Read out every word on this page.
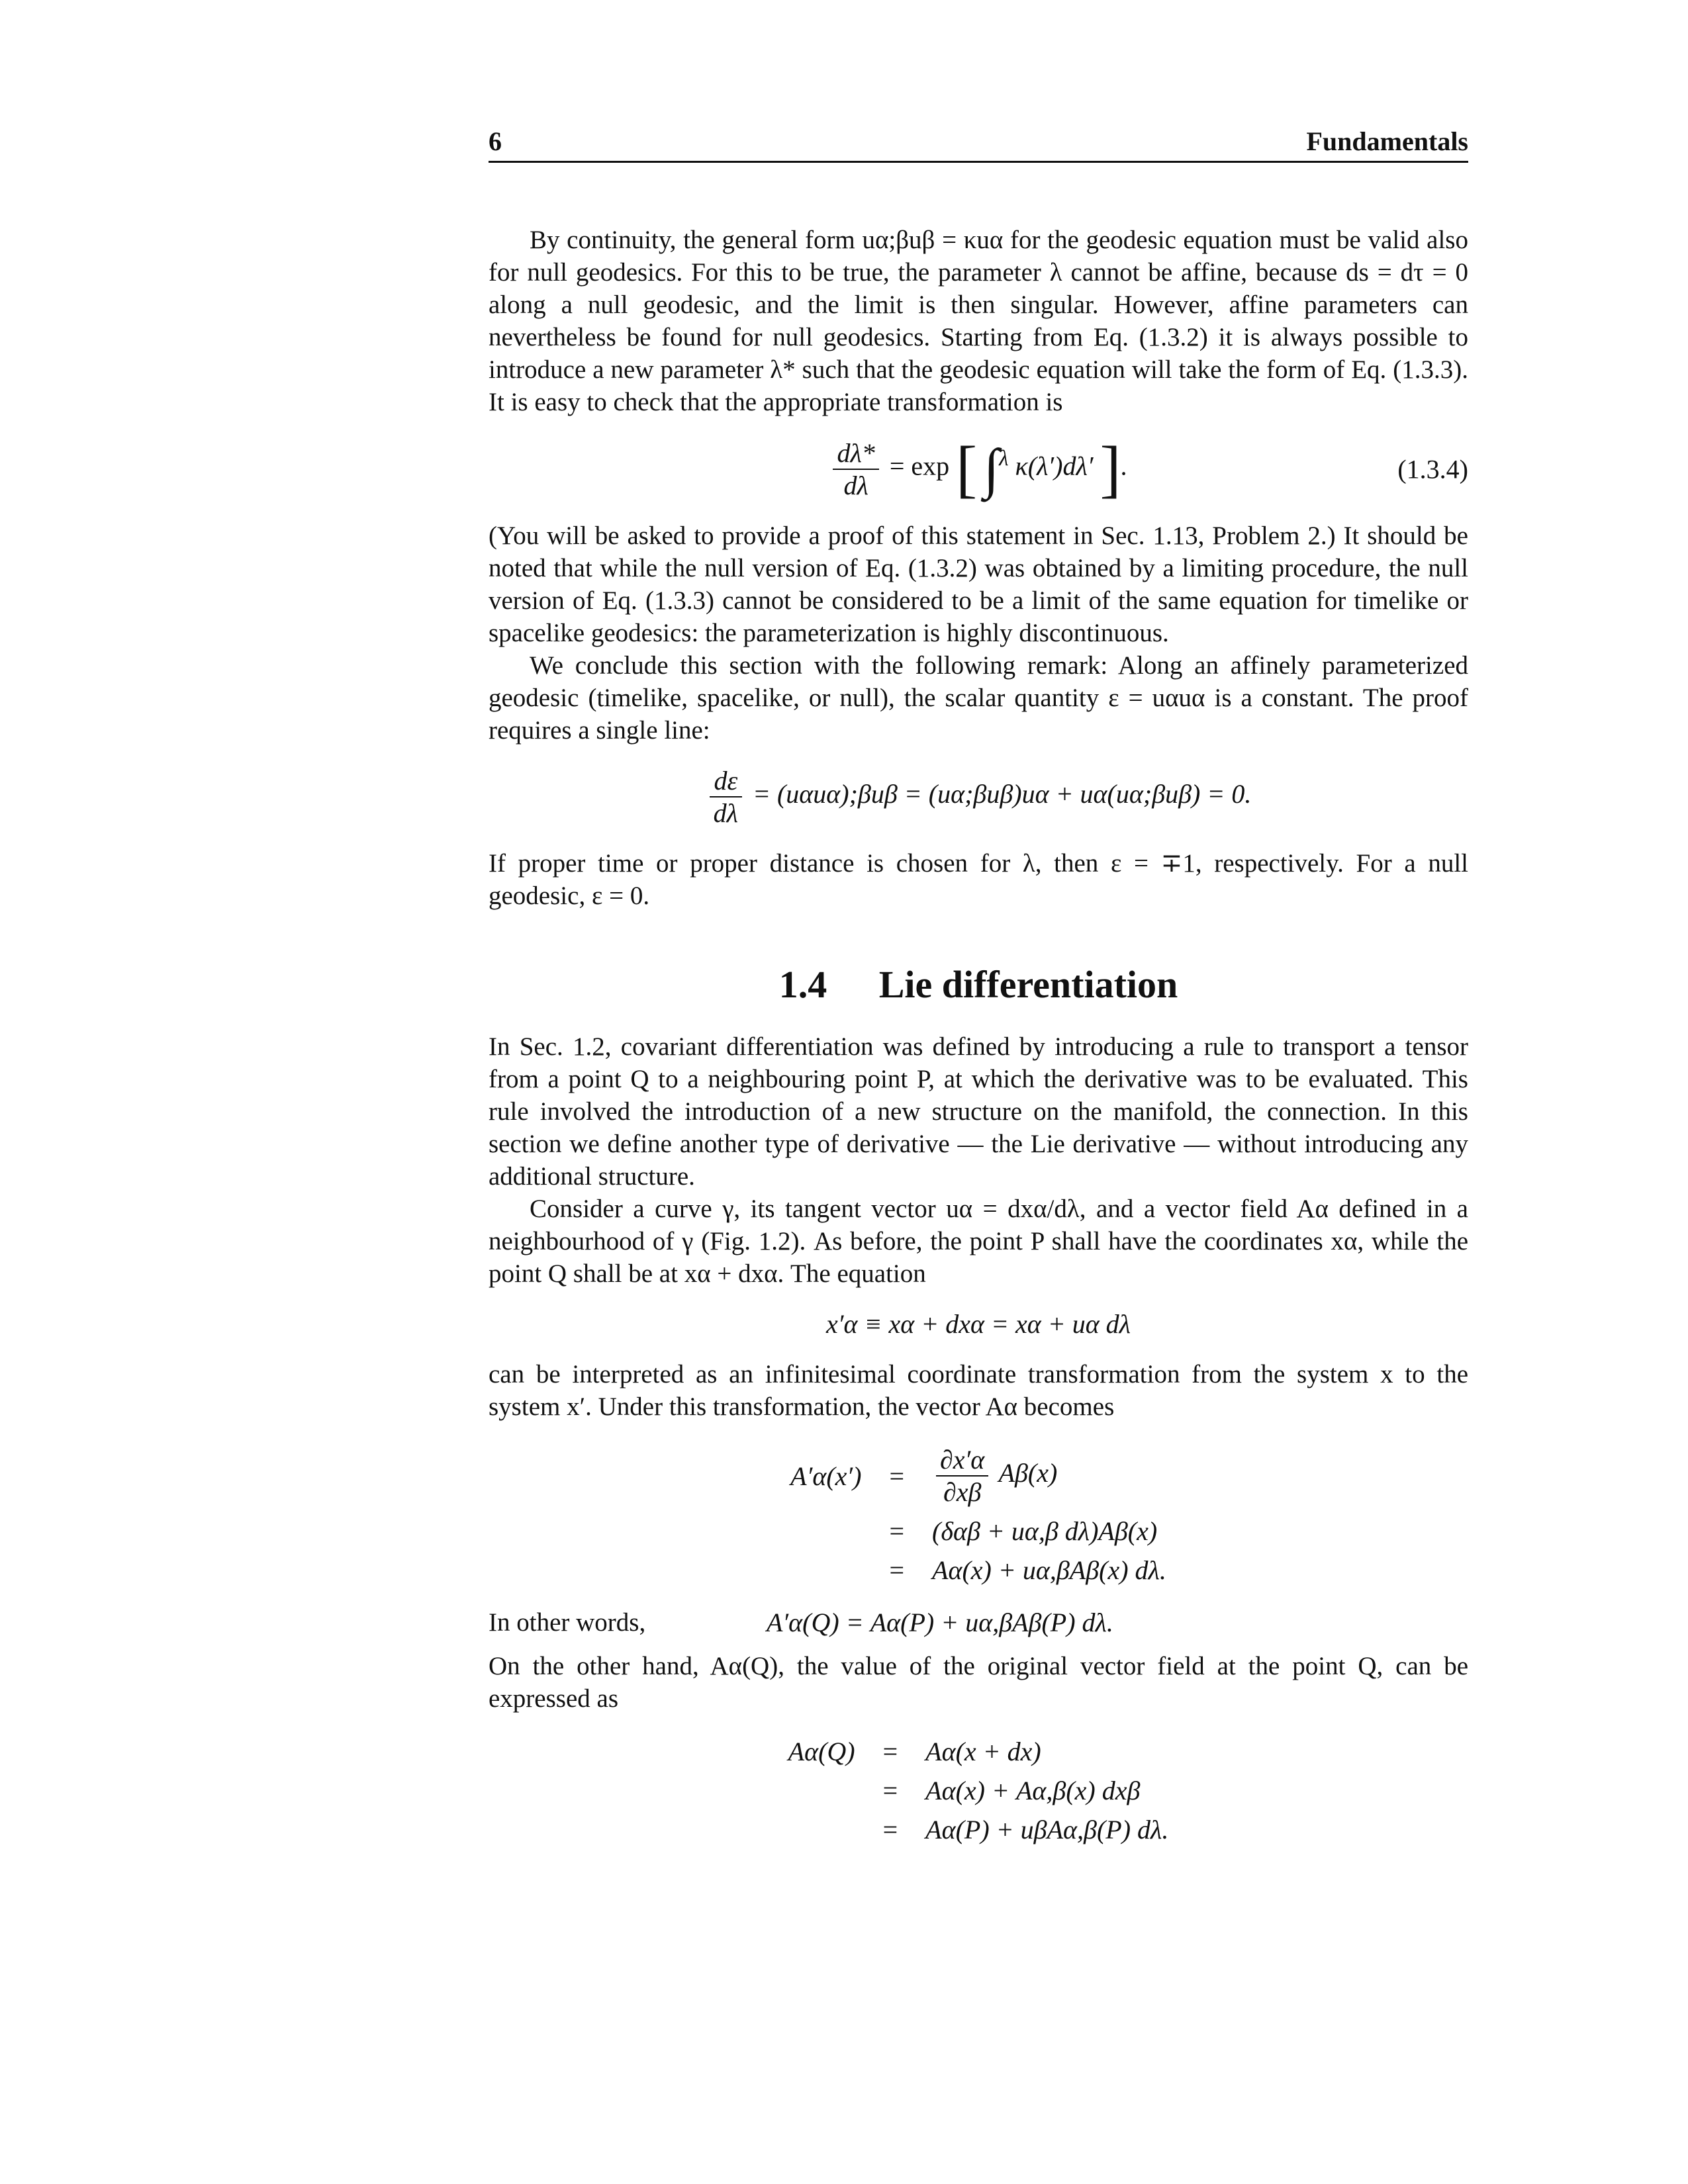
6	Fundamentals

By continuity, the general form uα;βuβ = κuα for the geodesic equation must be valid also for null geodesics. For this to be true, the parameter λ cannot be affine, because ds = dτ = 0 along a null geodesic, and the limit is then singular. However, affine parameters can nevertheless be found for null geodesics. Starting from Eq. (1.3.2) it is always possible to introduce a new parameter λ* such that the geodesic equation will take the form of Eq. (1.3.3). It is easy to check that the appropriate transformation is

$\frac{d\lambda*}{d\lambda} = \exp$ [ ∫$^\lambda$ κ(λ′)dλ′ ].	(1.3.4)

(You will be asked to provide a proof of this statement in Sec. 1.13, Problem 2.) It should be noted that while the null version of Eq. (1.3.2) was obtained by a limiting procedure, the null version of Eq. (1.3.3) cannot be considered to be a limit of the same equation for timelike or spacelike geodesics: the parameterization is highly discontinuous.

We conclude this section with the following remark: Along an affinely parameterized geodesic (timelike, spacelike, or null), the scalar quantity ε = uαuα is a constant. The proof requires a single line:

$\frac{d\varepsilon}{d\lambda}$ = (uαuα);βuβ = (uα;βuβ)uα + uα(uα;βuβ) = 0.

If proper time or proper distance is chosen for λ, then ε = ∓1, respectively. For a null geodesic, ε = 0.

1.4 Lie differentiation

In Sec. 1.2, covariant differentiation was defined by introducing a rule to transport a tensor from a point Q to a neighbouring point P, at which the derivative was to be evaluated. This rule involved the introduction of a new structure on the manifold, the connection. In this section we define another type of derivative — the Lie derivative — without introducing any additional structure.

Consider a curve γ, its tangent vector uα = dxα/dλ, and a vector field Aα defined in a neighbourhood of γ (Fig. 1.2). As before, the point P shall have the coordinates xα, while the point Q shall be at xα + dxα. The equation

x′α ≡ xα + dxα = xα + uα dλ

can be interpreted as an infinitesimal coordinate transformation from the system x to the system x′. Under this transformation, the vector Aα becomes

A′α(x′)	=	$\frac{\partial x'\alpha}{\partial x\beta} A\beta(x)$
	=	(δαβ + uα,β dλ)Aβ(x)
	=	Aα(x) + uα,βAβ(x) dλ.
In other words,	A′α(Q) = Aα(P) + uα,βAβ(P) dλ.

On the other hand, Aα(Q), the value of the original vector field at the point Q, can be expressed as

Aα(Q)	=	Aα(x + dx)
	=	Aα(x) + Aα,β(x) dxβ
	=	Aα(P) + uβAα,β(P) dλ.
